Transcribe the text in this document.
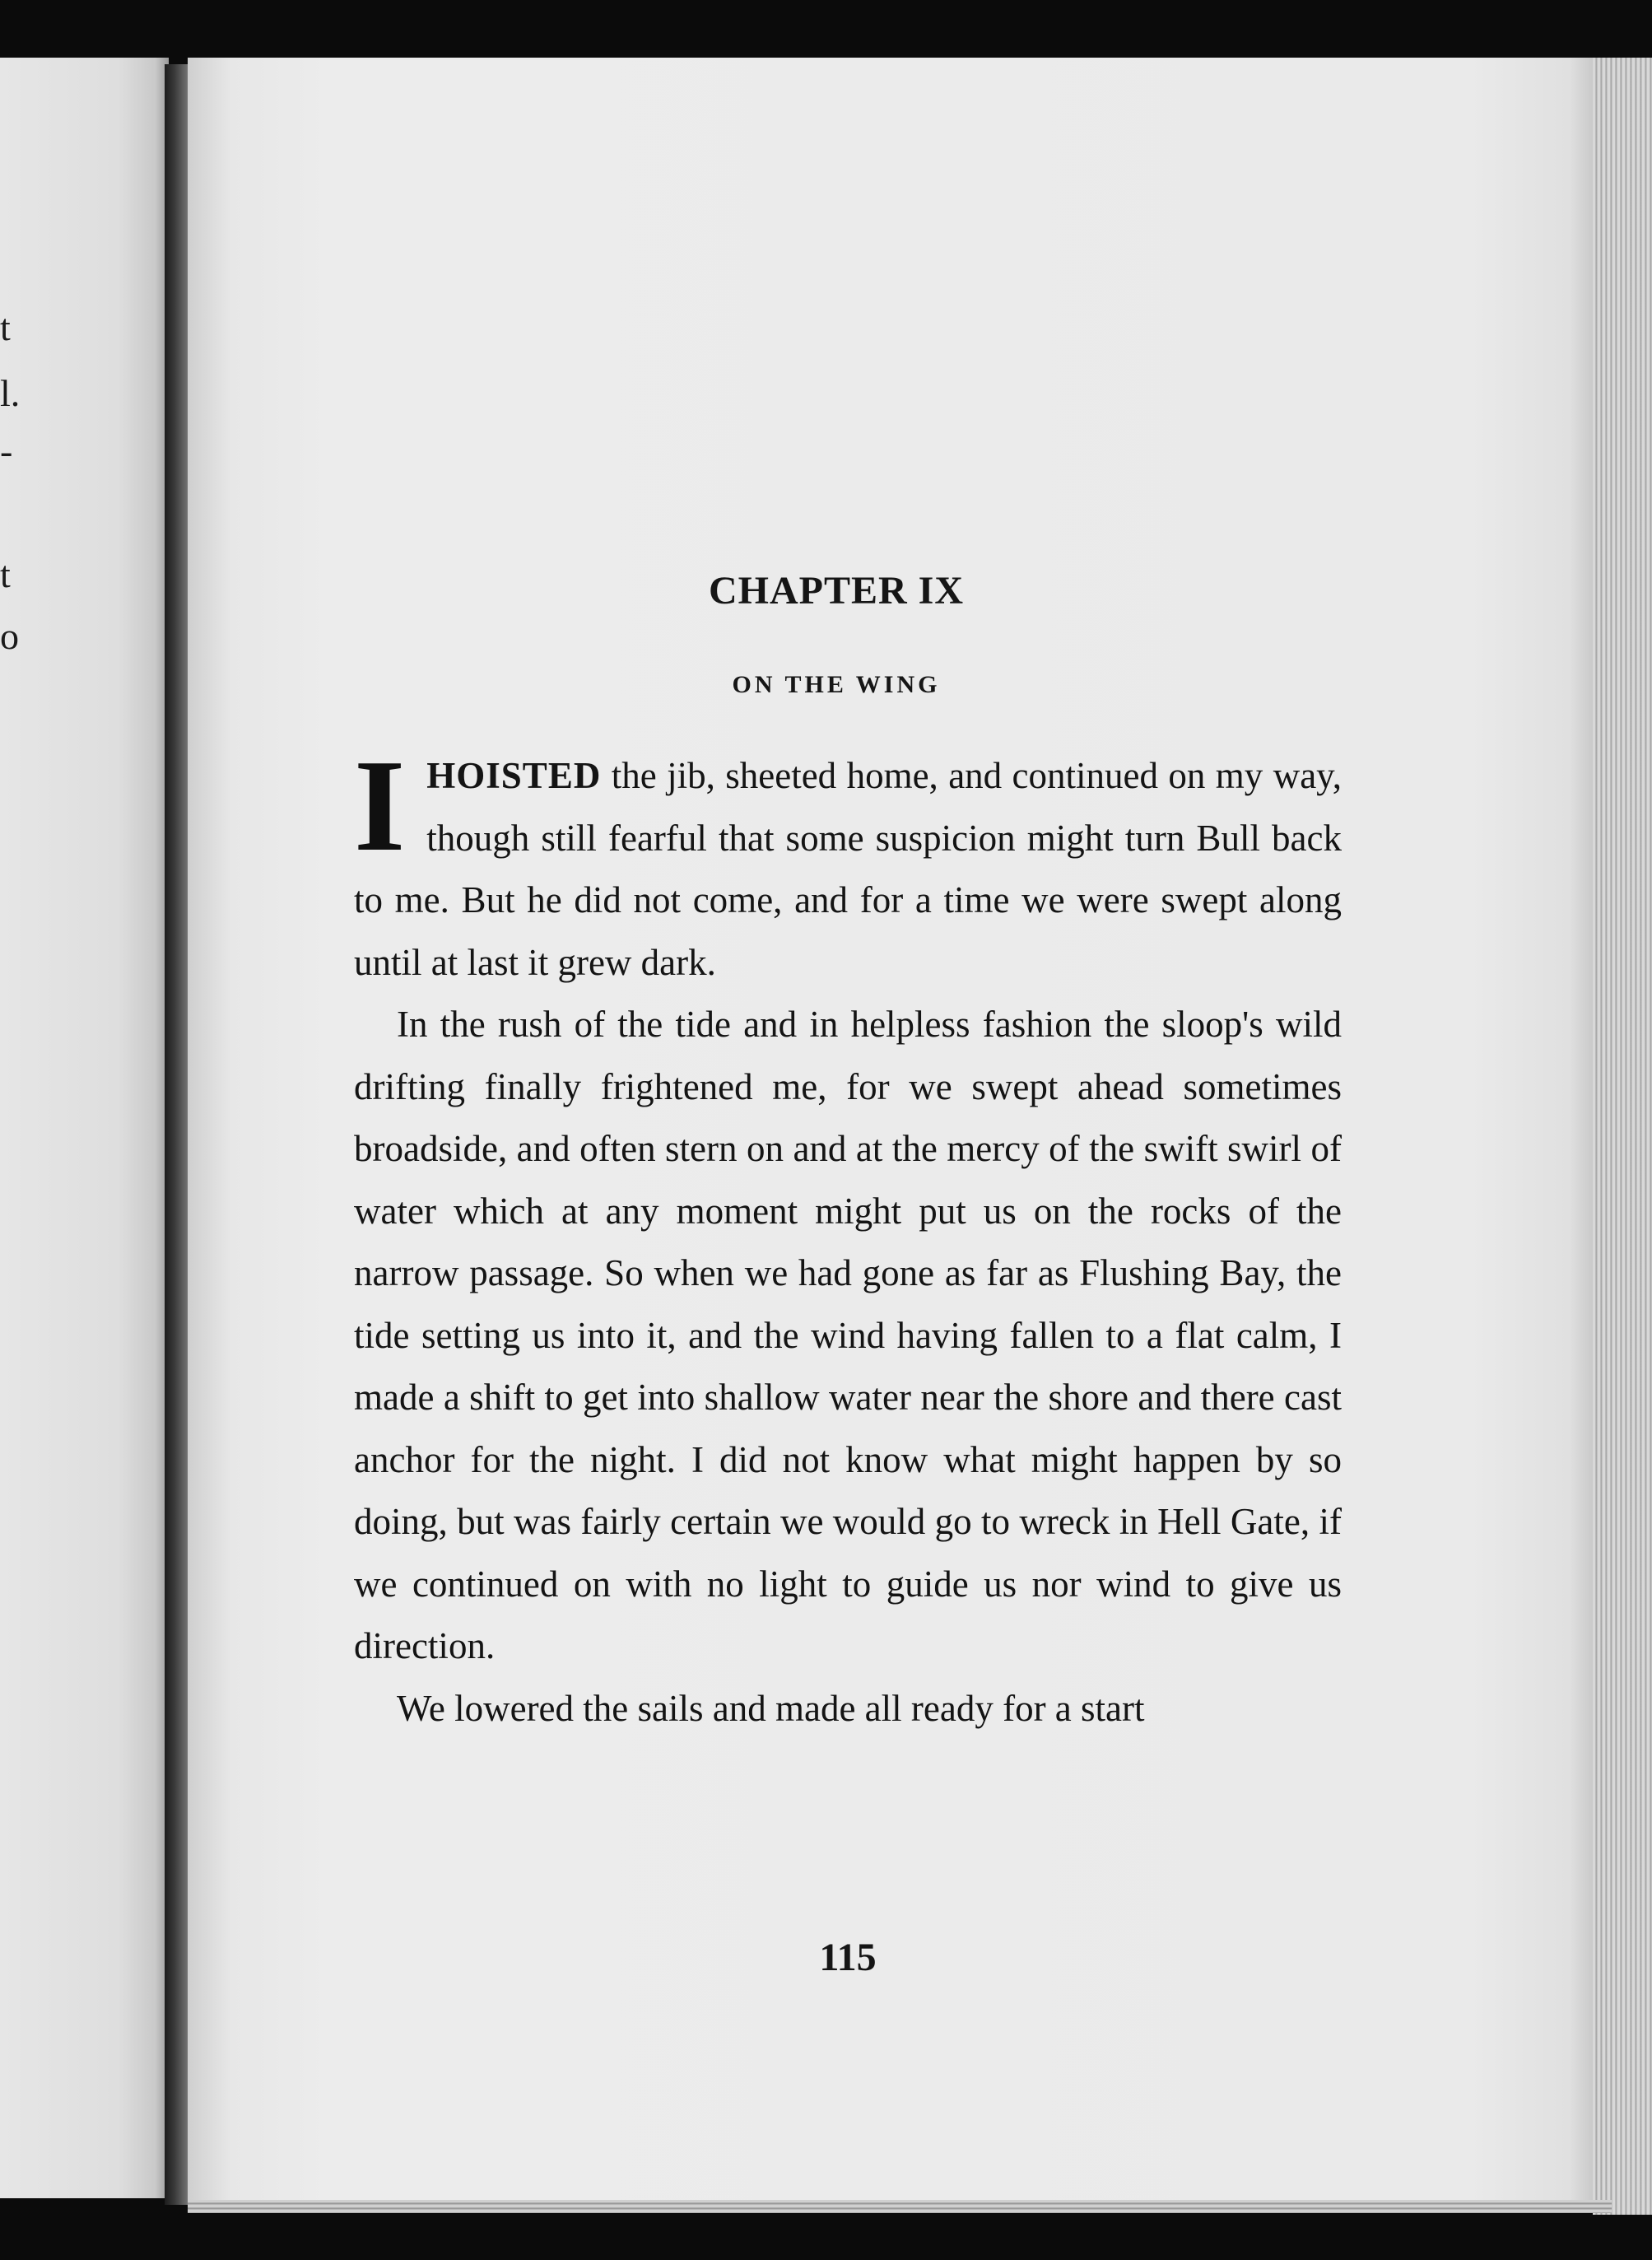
t
l.
-
t
o
CHAPTER IX
ON THE WING

IHOISTED the jib, sheeted home, and continued on my way, though still fearful that some suspicion might turn Bull back to me. But he did not come, and for a time we were swept along until at last it grew dark.

In the rush of the tide and in helpless fashion the sloop's wild drifting finally frightened me, for we swept ahead sometimes broadside, and often stern on and at the mercy of the swift swirl of water which at any moment might put us on the rocks of the narrow passage. So when we had gone as far as Flushing Bay, the tide setting us into it, and the wind having fallen to a flat calm, I made a shift to get into shallow water near the shore and there cast anchor for the night. I did not know what might happen by so doing, but was fairly certain we would go to wreck in Hell Gate, if we continued on with no light to guide us nor wind to give us direction.

We lowered the sails and made all ready for a start

115
